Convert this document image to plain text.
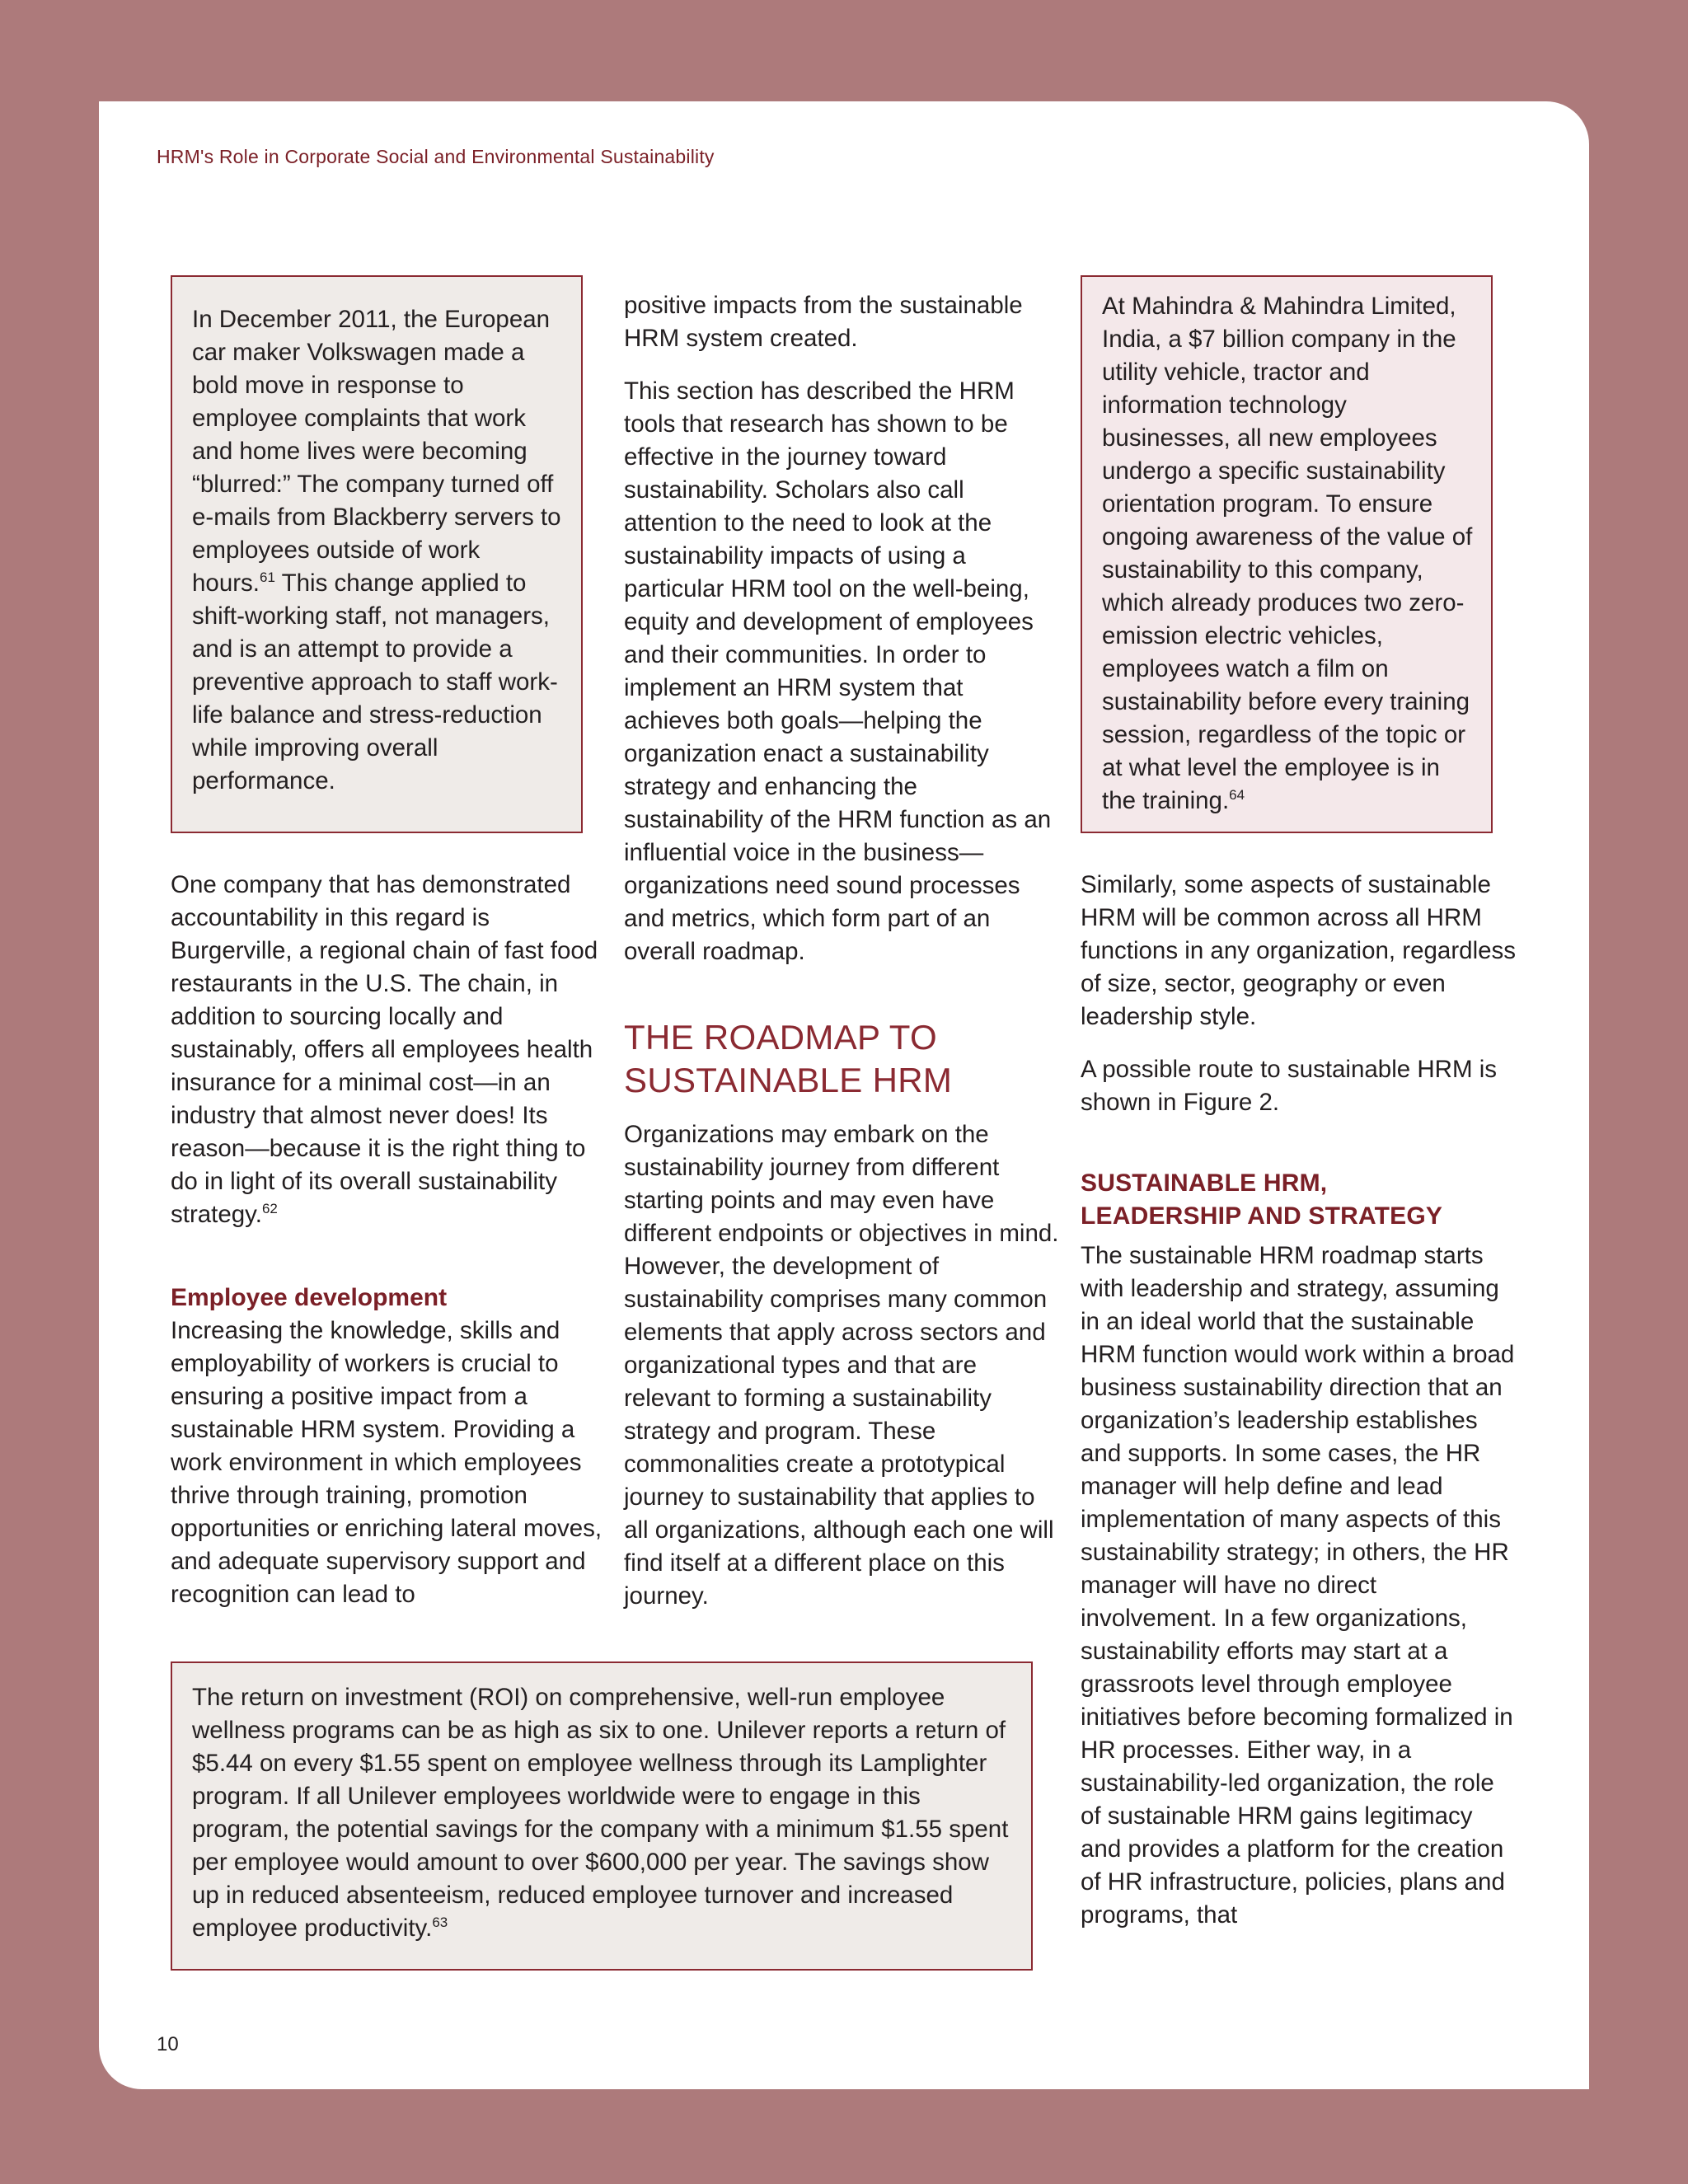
HRM's Role in Corporate Social and Environmental Sustainability

In December 2011, the European car maker Volkswagen made a bold move in response to employee complaints that work and home lives were becoming “blurred:” The company turned off e-mails from Blackberry servers to employees outside of work hours.$^{61}$ This change applied to shift-working staff, not managers, and is an attempt to provide a preventive approach to staff work-life balance and stress-reduction while improving overall performance.

One company that has demonstrated accountability in this regard is Burgerville, a regional chain of fast food restaurants in the U.S. The chain, in addition to sourcing locally and sustainably, offers all employees health insurance for a minimal cost—in an industry that almost never does! Its reason—because it is the right thing to do in light of its overall sustainability strategy.$^{62}$

Employee development

Increasing the knowledge, skills and employability of workers is crucial to ensuring a positive impact from a sustainable HRM system. Providing a work environment in which employees thrive through training, promotion opportunities or enriching lateral moves, and adequate supervisory support and recognition can lead to

positive impacts from the sustainable HRM system created.

This section has described the HRM tools that research has shown to be effective in the journey toward sustainability. Scholars also call attention to the need to look at the sustainability impacts of using a particular HRM tool on the well-being, equity and development of employees and their communities. In order to implement an HRM system that achieves both goals—helping the organization enact a sustainability strategy and enhancing the sustainability of the HRM function as an influential voice in the business—organizations need sound processes and metrics, which form part of an overall roadmap.

THE ROADMAP TO
SUSTAINABLE HRM

Organizations may embark on the sustainability journey from different starting points and may even have different endpoints or objectives in mind. However, the development of sustainability comprises many common elements that apply across sectors and organizational types and that are relevant to forming a sustainability strategy and program. These commonalities create a prototypical journey to sustainability that applies to all organizations, although each one will find itself at a different place on this journey.

At Mahindra & Mahindra Limited, India, a $7 billion company in the utility vehicle, tractor and information technology businesses, all new employees undergo a specific sustainability orientation program. To ensure ongoing awareness of the value of sustainability to this company, which already produces two zero-emission electric vehicles, employees watch a film on sustainability before every training session, regardless of the topic or at what level the employee is in the training.$^{64}$

Similarly, some aspects of sustainable HRM will be common across all HRM functions in any organization, regardless of size, sector, geography or even leadership style.

A possible route to sustainable HRM is shown in Figure 2.

SUSTAINABLE HRM,
LEADERSHIP AND STRATEGY

The sustainable HRM roadmap starts with leadership and strategy, assuming in an ideal world that the sustainable HRM function would work within a broad business sustainability direction that an organization’s leadership establishes and supports. In some cases, the HR manager will help define and lead implementation of many aspects of this sustainability strategy; in others, the HR manager will have no direct involvement. In a few organizations, sustainability efforts may start at a grassroots level through employee initiatives before becoming formalized in HR processes. Either way, in a sustainability-led organization, the role of sustainable HRM gains legitimacy and provides a platform for the creation of HR infrastructure, policies, plans and programs, that

The return on investment (ROI) on comprehensive, well-run employee wellness programs can be as high as six to one. Unilever reports a return of $5.44 on every $1.55 spent on employee wellness through its Lamplighter program. If all Unilever employees worldwide were to engage in this program, the potential savings for the company with a minimum $1.55 spent per employee would amount to over $600,000 per year. The savings show up in reduced absenteeism, reduced employee turnover and increased employee productivity.$^{63}$

10
